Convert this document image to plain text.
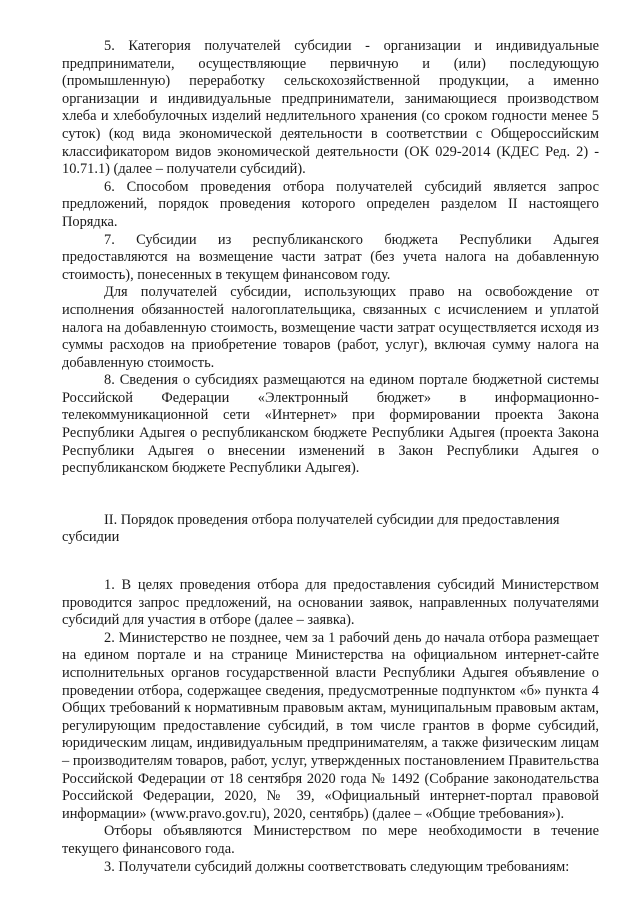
5. Категория получателей субсидии - организации и индивидуальные предприниматели, осуществляющие первичную и (или) последующую (промышленную) переработку сельскохозяйственной продукции, а именно организации и индивидуальные предприниматели, занимающиеся производством хлеба и хлебобулочных изделий недлительного хранения (со сроком годности менее 5 суток) (код вида экономической деятельности в соответствии с Общероссийским классификатором видов экономической деятельности (ОК 029-2014 (КДЕС Ред. 2) - 10.71.1) (далее – получатели субсидий).

6. Способом проведения отбора получателей субсидий является запрос предложений, порядок проведения которого определен разделом II настоящего Порядка.

7. Субсидии из республиканского бюджета Республики Адыгея предоставляются на возмещение части затрат (без учета налога на добавленную стоимость), понесенных в текущем финансовом году.

Для получателей субсидии, использующих право на освобождение от исполнения обязанностей налогоплательщика, связанных с исчислением и уплатой налога на добавленную стоимость, возмещение части затрат осуществляется исходя из суммы расходов на приобретение товаров (работ, услуг), включая сумму налога на добавленную стоимость.

8. Сведения о субсидиях размещаются на едином портале бюджетной системы Российской Федерации «Электронный бюджет» в информационно-телекоммуникационной сети «Интернет» при формировании проекта Закона Республики Адыгея о республиканском бюджете Республики Адыгея (проекта Закона Республики Адыгея о внесении изменений в Закон Республики Адыгея о республиканском бюджете Республики Адыгея).

II. Порядок проведения отбора получателей субсидии для предоставления субсидии

1. В целях проведения отбора для предоставления субсидий Министерством проводится запрос предложений, на основании заявок, направленных получателями субсидий для участия в отборе (далее – заявка).

2. Министерство не позднее, чем за 1 рабочий день до начала отбора размещает на едином портале и на странице Министерства на официальном интернет-сайте исполнительных органов государственной власти Республики Адыгея объявление о проведении отбора, содержащее сведения, предусмотренные подпунктом «б» пункта 4 Общих требований к нормативным правовым актам, муниципальным правовым актам, регулирующим предоставление субсидий, в том числе грантов в форме субсидий, юридическим лицам, индивидуальным предпринимателям, а также физическим лицам – производителям товаров, работ, услуг, утвержденных постановлением Правительства Российской Федерации от 18 сентября 2020 года № 1492 (Собрание законодательства Российской Федерации, 2020, № 39, «Официальный интернет-портал правовой информации» (www.pravo.gov.ru), 2020, сентябрь) (далее – «Общие требования»).

Отборы объявляются Министерством по мере необходимости в течение текущего финансового года.

3. Получатели субсидий должны соответствовать следующим требованиям:
